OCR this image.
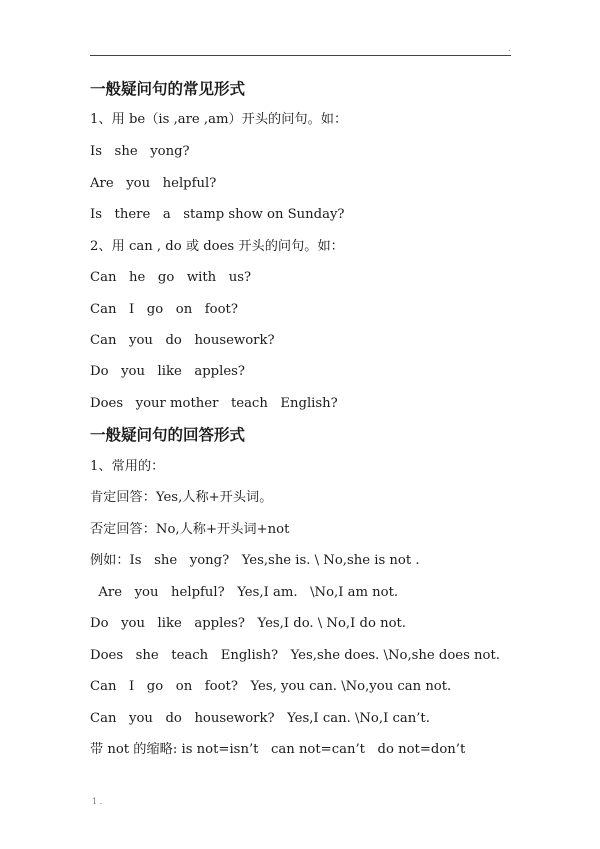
.
一般疑问句的常见形式
1、用 be（is ,are ,am）开头的问句。如：
Is   she   yong?
Are   you   helpful?
Is   there   a   stamp show on Sunday?
2、用 can , do 或 does 开头的问句。如：
Can   he   go   with   us?
Can   I   go   on   foot?
Can   you   do   housework?
Do   you   like   apples?
Does   your mother   teach   English?
一般疑问句的回答形式
1、常用的：
肯定回答：Yes,人称+开头词。
否定回答：No,人称+开头词+not
例如：Is   she   yong?   Yes,she is. \ No,she is not .
Are   you   helpful?   Yes,I am.   \No,I am not.
Do   you   like   apples?   Yes,I do. \ No,I do not.
Does   she   teach   English?   Yes,she does. \No,she does not.
Can   I   go   on   foot?   Yes, you can. \No,you can not.
Can   you   do   housework?   Yes,I can. \No,I can’t.
带 not 的缩略: is not=isn’t   can not=can’t   do not=don’t
1 .
